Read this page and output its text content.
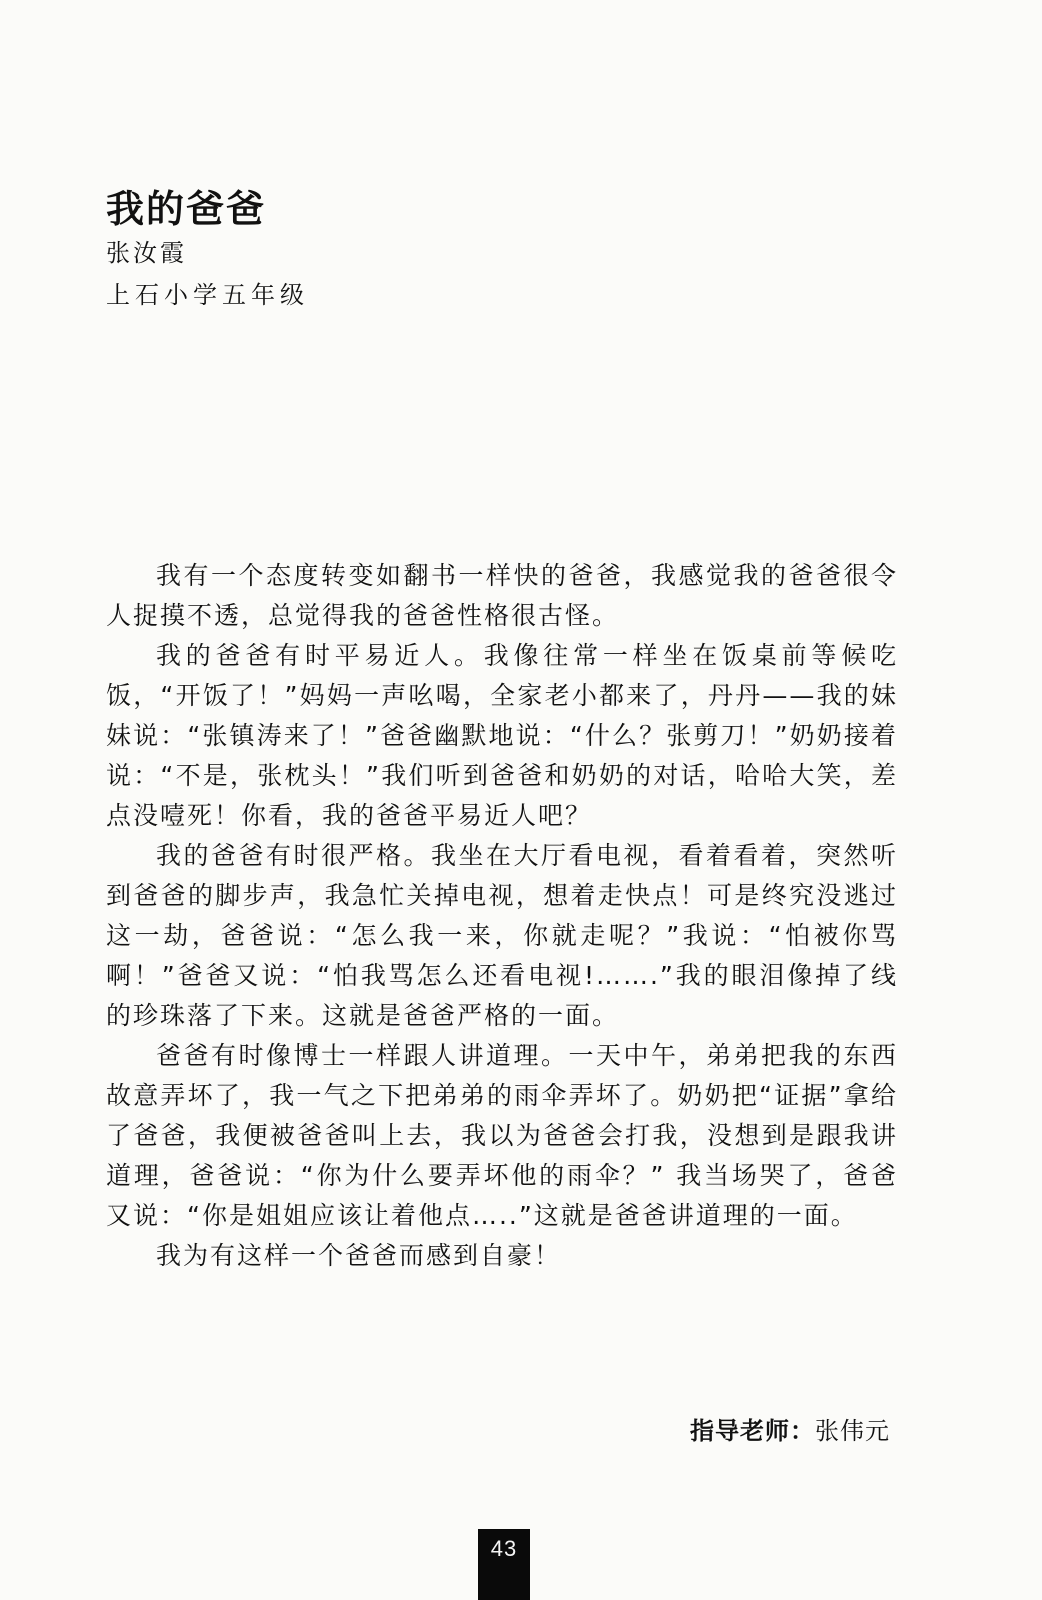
我的爸爸
张汝霞
上石小学五年级

我有一个态度转变如翻书一样快的爸爸，我感觉我的爸爸很令人捉摸不透，总觉得我的爸爸性格很古怪。

我的爸爸有时平易近人。我像往常一样坐在饭桌前等候吃饭，“开饭了！”妈妈一声吆喝，全家老小都来了，丹丹——我的妹妹说：“张镇涛来了！”爸爸幽默地说：“什么？张剪刀！”奶奶接着说：“不是，张枕头！”我们听到爸爸和奶奶的对话，哈哈大笑，差点没噎死！你看，我的爸爸平易近人吧？

我的爸爸有时很严格。我坐在大厅看电视，看着看着，突然听到爸爸的脚步声，我急忙关掉电视，想着走快点！可是终究没逃过这一劫，爸爸说：“怎么我一来，你就走呢？”我说：“怕被你骂啊！”爸爸又说：“怕我骂怎么还看电视!…….”我的眼泪像掉了线的珍珠落了下来。这就是爸爸严格的一面。

爸爸有时像博士一样跟人讲道理。一天中午，弟弟把我的东西故意弄坏了，我一气之下把弟弟的雨伞弄坏了。奶奶把“证据”拿给了爸爸，我便被爸爸叫上去，我以为爸爸会打我，没想到是跟我讲道理，爸爸说：“你为什么要弄坏他的雨伞？” 我当场哭了，爸爸又说：“你是姐姐应该让着他点…..”这就是爸爸讲道理的一面。

我为有这样一个爸爸而感到自豪！

指导老师：张伟元
43
